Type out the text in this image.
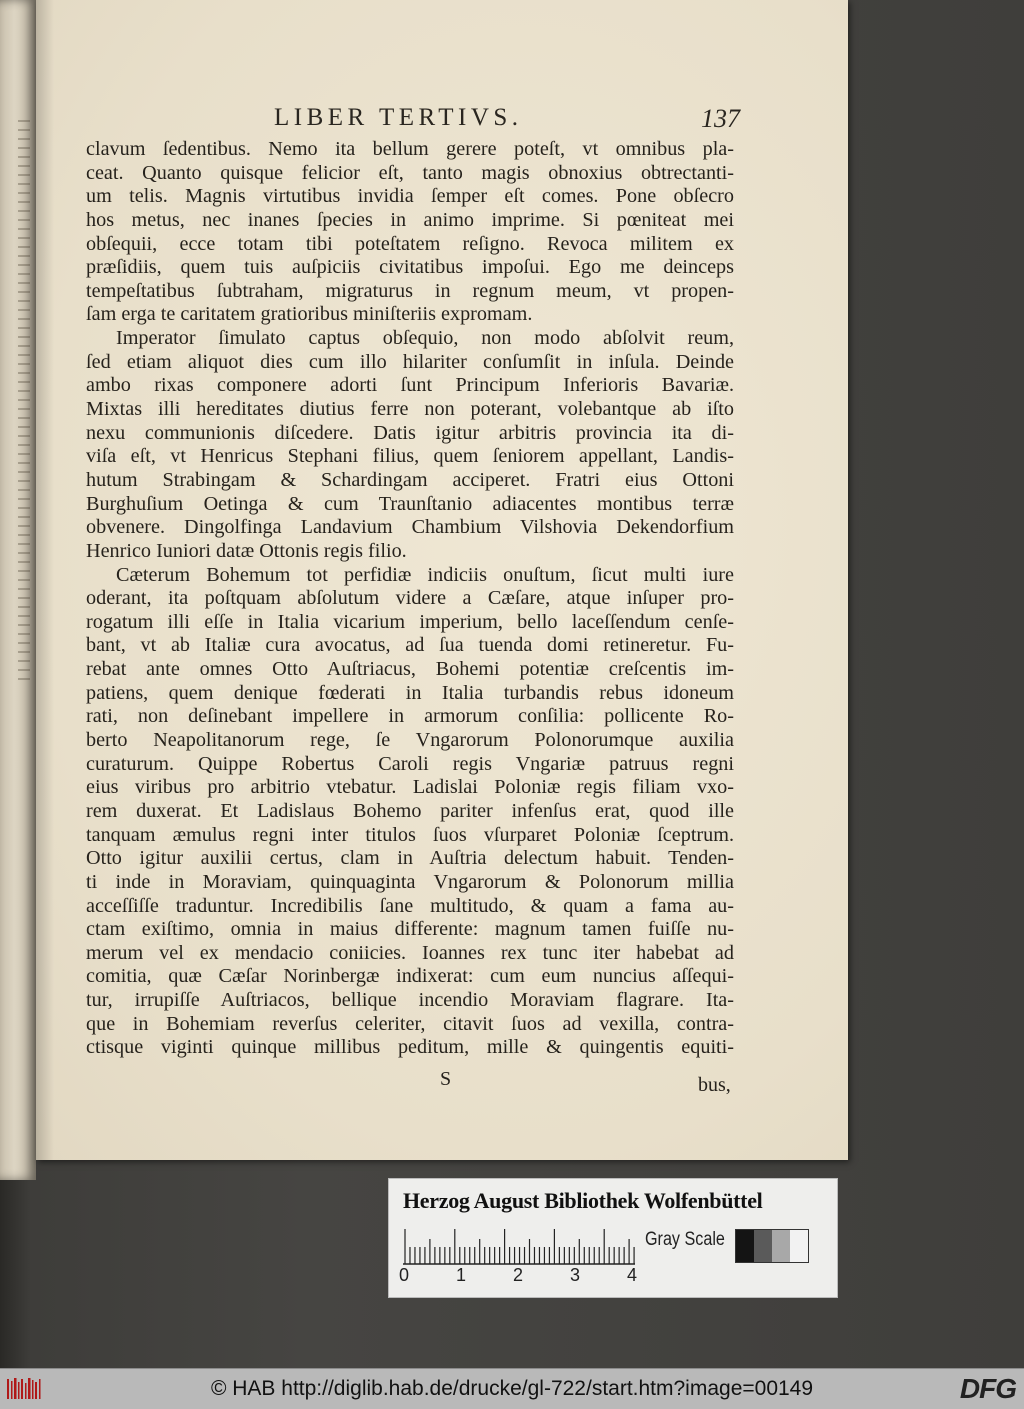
LIBER TERTIVS.	137
clavum ſedentibus. Nemo ita bellum gerere poteſt, vt omnibus pla-
ceat. Quanto quisque felicior eſt, tanto magis obnoxius obtrectanti-
um telis. Magnis virtutibus invidia ſemper eſt comes. Pone obſecro
hos metus, nec inanes ſpecies in animo imprime. Si pœniteat mei
obſequii, ecce totam tibi poteſtatem reſigno. Revoca militem ex
præſidiis, quem tuis auſpiciis civitatibus impoſui. Ego me deinceps
tempeſtatibus ſubtraham, migraturus in regnum meum, vt propen-
ſam erga te caritatem gratioribus miniſteriis expromam.
Imperator ſimulato captus obſequio, non modo abſolvit reum,
ſed etiam aliquot dies cum illo hilariter conſumſit in inſula. Deinde
ambo rixas componere adorti ſunt Principum Inferioris Bavariæ.
Mixtas illi hereditates diutius ferre non poterant, volebantque ab iſto
nexu communionis diſcedere. Datis igitur arbitris provincia ita di-
viſa eſt, vt Henricus Stephani filius, quem ſeniorem appellant, Landis-
hutum Strabingam & Schardingam acciperet. Fratri eius Ottoni
Burghuſium Oetinga & cum Traunſtanio adiacentes montibus terræ
obvenere. Dingolfinga Landavium Chambium Vilshovia Dekendorfium
Henrico Iuniori datæ Ottonis regis filio.
Cæterum Bohemum tot perfidiæ indiciis onuſtum, ſicut multi iure
oderant, ita poſtquam abſolutum videre a Cæſare, atque inſuper pro-
rogatum illi eſſe in Italia vicarium imperium, bello laceſſendum cenſe-
bant, vt ab Italiæ cura avocatus, ad ſua tuenda domi retineretur. Fu-
rebat ante omnes Otto Auſtriacus, Bohemi potentiæ creſcentis im-
patiens, quem denique fœderati in Italia turbandis rebus idoneum
rati, non deſinebant impellere in armorum conſilia: pollicente Ro-
berto Neapolitanorum rege, ſe Vngarorum Polonorumque auxilia
curaturum. Quippe Robertus Caroli regis Vngariæ patruus regni
eius viribus pro arbitrio vtebatur. Ladislai Poloniæ regis filiam vxo-
rem duxerat. Et Ladislaus Bohemo pariter infenſus erat, quod ille
tanquam æmulus regni inter titulos ſuos vſurparet Poloniæ ſceptrum.
Otto igitur auxilii certus, clam in Auſtria delectum habuit. Tenden-
ti inde in Moraviam, quinquaginta Vngarorum & Polonorum millia
acceſſiſſe traduntur. Incredibilis ſane multitudo, & quam a fama au-
ctam exiſtimo, omnia in maius differente: magnum tamen fuiſſe nu-
merum vel ex mendacio coniicies. Ioannes rex tunc iter habebat ad
comitia, quæ Cæſar Norinbergæ indixerat: cum eum nuncius aſſequi-
tur, irrupiſſe Auſtriacos, bellique incendio Moraviam flagrare. Ita-
que in Bohemiam reverſus celeriter, citavit ſuos ad vexilla, contra-
ctisque viginti quinque millibus peditum, mille & quingentis equiti-
S	bus,
Herzog August Bibliothek Wolfenbüttel
0	1	2	3	4
Gray Scale
© HAB http://diglib.hab.de/drucke/gl-722/start.htm?image=00149	DFG
